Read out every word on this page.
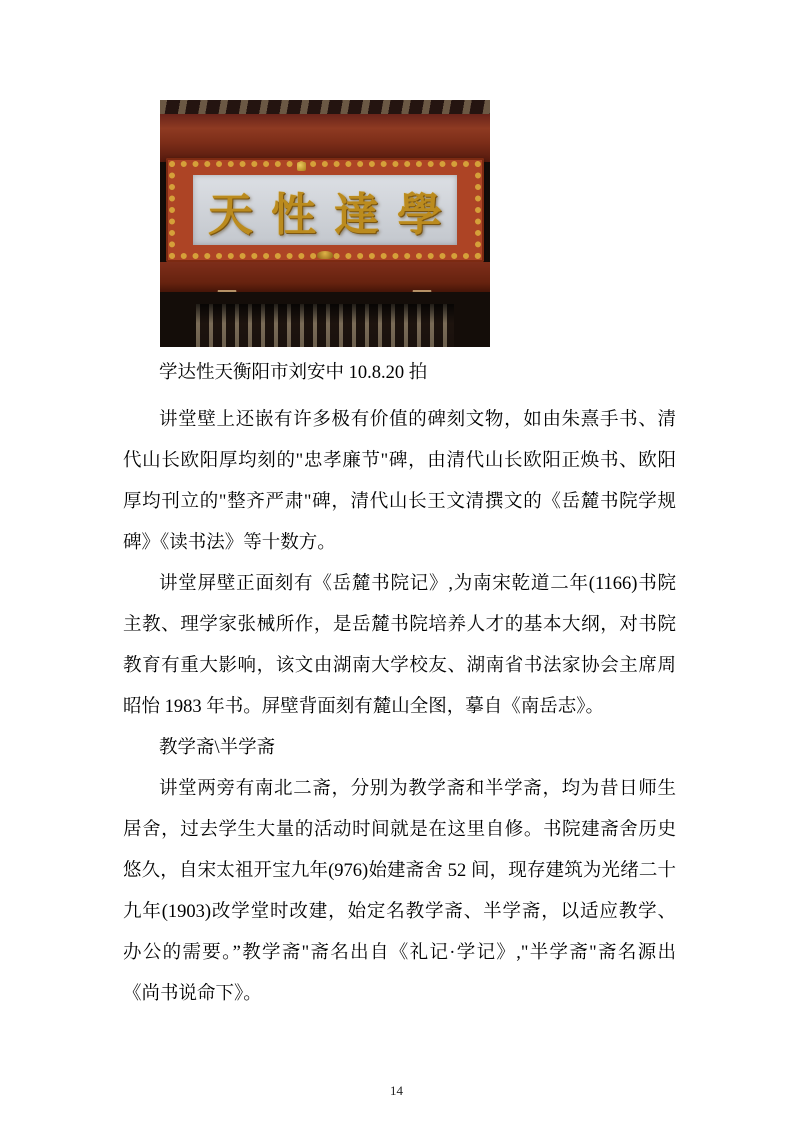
天性達學

学达性天衡阳市刘安中 10.8.20 拍

讲堂壁上还嵌有许多极有价值的碑刻文物，如由朱熹手书、清
代山长欧阳厚均刻的"忠孝廉节"碑，由清代山长欧阳正焕书、欧阳
厚均刊立的"整齐严肃"碑，清代山长王文清撰文的《岳麓书院学规
碑》《读书法》等十数方。
讲堂屏壁正面刻有《岳麓书院记》,为南宋乾道二年(1166)书院
主教、理学家张械所作，是岳麓书院培养人才的基本大纲，对书院
教育有重大影响，该文由湖南大学校友、湖南省书法家协会主席周
昭怡 1983 年书。屏壁背面刻有麓山全图，摹自《南岳志》。
教学斋\半学斋
讲堂两旁有南北二斋，分别为教学斋和半学斋，均为昔日师生
居舍，过去学生大量的活动时间就是在这里自修。书院建斋舍历史
悠久，自宋太祖开宝九年(976)始建斋舍 52 间，现存建筑为光绪二十
九年(1903)改学堂时改建，始定名教学斋、半学斋，以适应教学、
办公的需要。”教学斋"斋名出自《礼记·学记》,"半学斋"斋名源出
《尚书说命下》。
14
